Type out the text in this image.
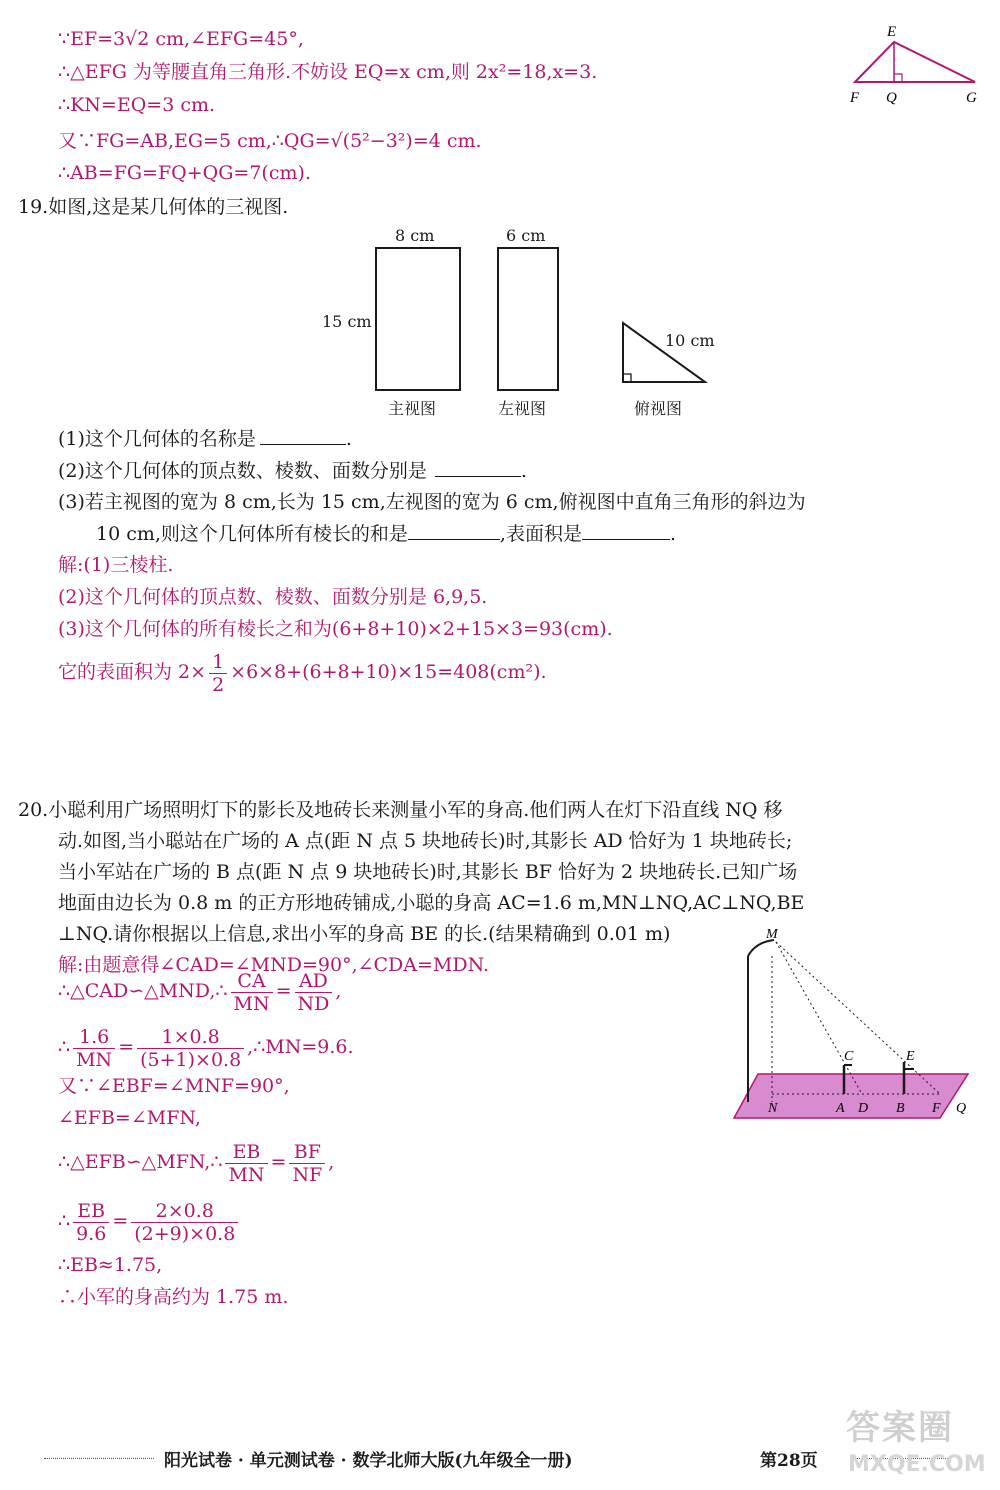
∵EF=3√2 cm,∠EFG=45°,
∴△EFG 为等腰直角三角形.不妨设 EQ=x cm,则 2x²=18,x=3.
∴KN=EQ=3 cm.
又∵FG=AB,EG=5 cm,∴QG=√(5²−3²)=4 cm.
∴AB=FG=FQ+QG=7(cm).
E
F Q	G
19.如图,这是某几何体的三视图.
8 cm	6 cm
15 cm
10 cm
主视图	左视图	俯视图
(1)这个几何体的名称是	.
(2)这个几何体的顶点数、棱数、面数分别是	.
(3)若主视图的宽为 8 cm,长为 15 cm,左视图的宽为 6 cm,俯视图中直角三角形的斜边为
10 cm,则这个几何体所有棱长的和是	,表面积是	.
解:(1)三棱柱.
(2)这个几何体的顶点数、棱数、面数分别是 6,9,5.
(3)这个几何体的所有棱长之和为(6+8+10)×2+15×3=93(cm).
它的表面积为 $2\times \frac{1}{2} \times 6\times 8+(6+8+10)\times 15=408(cm^2)$.
20.小聪利用广场照明灯下的影长及地砖长来测量小军的身高.他们两人在灯下沿直线 NQ 移
动.如图,当小聪站在广场的 A 点(距 N 点 5 块地砖长)时,其影长 AD 恰好为 1 块地砖长;
当小军站在广场的 B 点(距 N 点 9 块地砖长)时,其影长 BF 恰好为 2 块地砖长.已知广场
地面由边长为 0.8 m 的正方形地砖铺成,小聪的身高 AC=1.6 m,MN⊥NQ,AC⊥NQ,BE
⊥NQ.请你根据以上信息,求出小军的身高 BE 的长.(结果精确到 0.01 m)
解:由题意得∠CAD=∠MND=90°,∠CDA=MDN.
∴△CAD∽△MND,∴ $\frac{CA}{MN} = \frac{AD}{ND}$ ,
∴ $\frac{1.6}{MN} = \frac{1\times 0.8}{(5+1)\times 0.8}$ ,∴MN=9.6.
又∵∠EBF=∠MNF=90°,
∠EFB=∠MFN,
∴△EFB∽△MFN,∴ $\frac{EB}{MN} = \frac{BF}{NF}$ ,
∴ $\frac{EB}{9.6} = \frac{2\times 0.8}{(2+9)\times 0.8}$
∴EB≈1.75,
∴小军的身高约为 1.75 m.
M
C	E
N	A D B F Q
阳光试卷 · 单元测试卷 · 数学北师大版(九年级全一册)	第28页
答案圈
MXQE.COM
